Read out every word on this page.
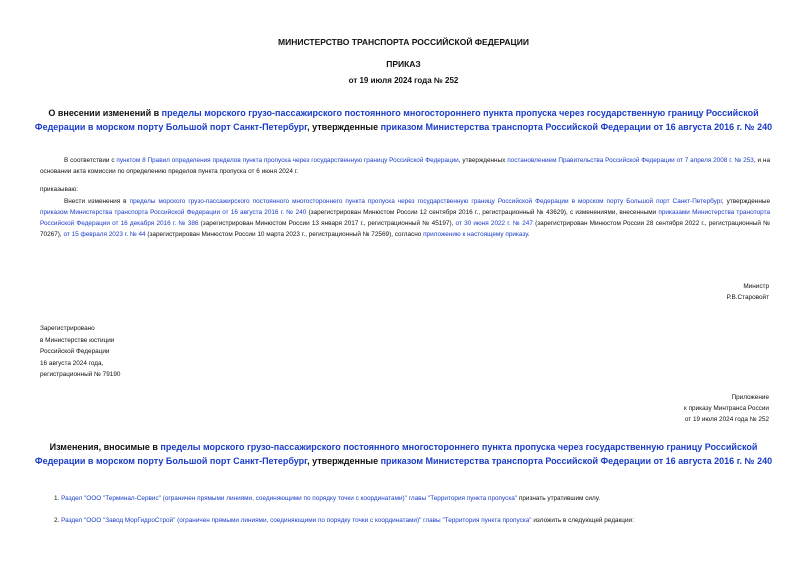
МИНИСТЕРСТВО ТРАНСПОРТА РОССИЙСКОЙ ФЕДЕРАЦИИ
ПРИКАЗ
от 19 июля 2024 года № 252
О внесении изменений в пределы морского грузо-пассажирского постоянного многостороннего пункта пропуска через государственную границу Российской Федерации в морском порту Большой порт Санкт-Петербург, утвержденные приказом Министерства транспорта Российской Федерации от 16 августа 2016 г. № 240
В соответствии с пунктом 8 Правил определения пределов пункта пропуска через государственную границу Российской Федерации, утвержденных постановлением Правительства Российской Федерации от 7 апреля 2008 г. № 253, и на основании акта комиссии по определению пределов пункта пропуска от 6 июня 2024 г.
приказываю:
Внести изменения в пределы морского грузо-пассажирского постоянного многостороннего пункта пропуска через государственную границу Российской Федерации в морском порту Большой порт Санкт-Петербург, утвержденные приказом Министерства транспорта Российской Федерации от 16 августа 2016 г. № 240 (зарегистрирован Минюстом России 12 сентября 2016 г., регистрационный № 43629), с изменениями, внесенными приказами Министерства транспорта Российской Федерации от 16 декабря 2016 г. № 386 (зарегистрирован Минюстом России 13 января 2017 г., регистрационный № 45197), от 30 июня 2022 г. № 247 (зарегистрирован Минюстом России 28 сентября 2022 г., регистрационный № 70267), от 15 февраля 2023 г. № 44 (зарегистрирован Минюстом России 10 марта 2023 г., регистрационный № 72569), согласно приложению к настоящему приказу.
Министр
Р.В.Старовойт
Зарегистрировано
в Министерстве юстиции
Российской Федерации
16 августа 2024 года,
регистрационный № 79190
Приложение
к приказу Минтранса России
от 19 июля 2024 года № 252
Изменения, вносимые в пределы морского грузо-пассажирского постоянного многостороннего пункта пропуска через государственную границу Российской Федерации в морском порту Большой порт Санкт-Петербург, утвержденные приказом Министерства транспорта Российской Федерации от 16 августа 2016 г. № 240
1. Раздел "ООО "Терминал-Сервис" (ограничен прямыми линиями, соединяющими по порядку точки с координатами)" главы "Территория пункта пропуска" признать утратившим силу.
2. Раздел "ООО "Завод МорГидроСтрой" (ограничен прямыми линиями, соединяющими по порядку точки с координатами)" главы "Территория пункта пропуска" изложить в следующей редакции:
